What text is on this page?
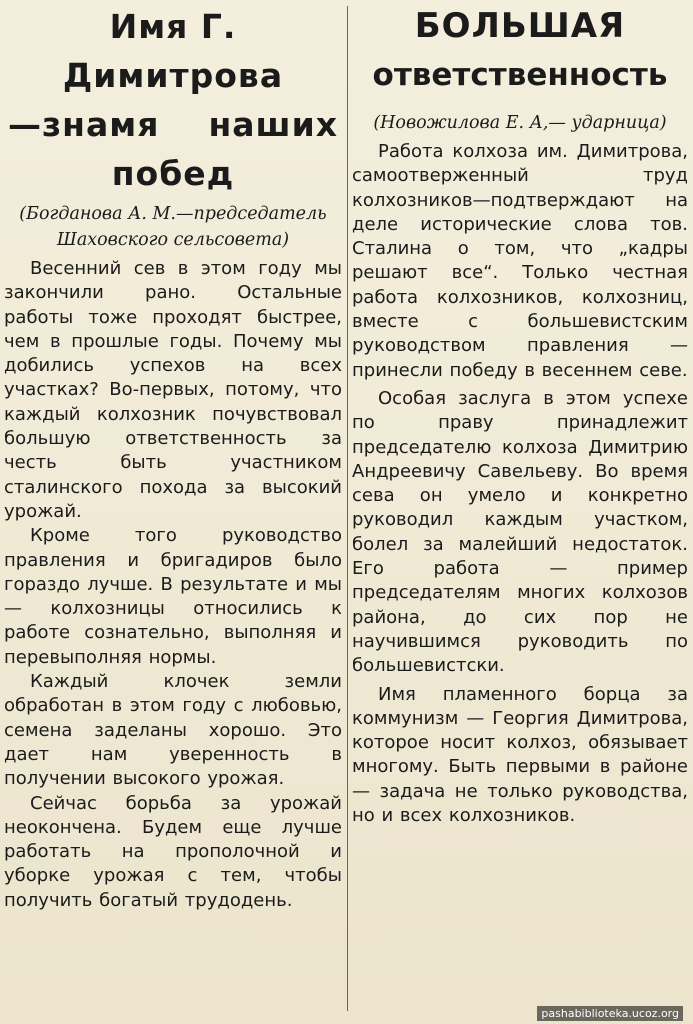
Имя Г. Димитрова
—знамя наших
побед
(Богданова А. М.—председатель Шаховского сельсовета)

Весенний сев в этом году мы закончили рано. Остальные работы тоже проходят быстрее, чем в прошлые годы. Почему мы добились успехов на всех участках? Во-первых, потому, что каждый колхозник почувствовал большую ответственность за честь быть участником сталинского похода за высокий урожай.

Кроме того руководство правления и бригадиров было гораздо лучше. В результате и мы — колхозницы относились к работе сознательно, выполняя и перевыполняя нормы.

Каждый клочек земли обработан в этом году с любовью, семена заделаны хорошо. Это дает нам уверенность в получении высокого урожая.

Сейчас борьба за урожай неокончена. Будем еще лучше работать на прополочной и уборке урожая с тем, чтобы получить богатый трудодень.

БОЛЬШАЯ
ответственность
(Новожилова Е. А,— ударница)

Работа колхоза им. Димитрова, самоотверженный труд колхозников—подтверждают на деле исторические слова тов. Сталина о том, что „кадры решают все“. Только честная работа колхозников, колхозниц, вместе с большевистским руководством правления — принесли победу в весеннем севе.

Особая заслуга в этом успехе по праву принадлежит председателю колхоза Димитрию Андреевичу Савельеву. Во время сева он умело и конкретно руководил каждым участком, болел за малейший недостаток. Его работа — пример председателям многих колхозов района, до сих пор не научившимся руководить по большевистски.

Имя пламенного борца за коммунизм — Георгия Димитрова, которое носит колхоз, обязывает многому. Быть первыми в районе — задача не только руководства, но и всех колхозников.

pashabiblioteka.ucoz.org
